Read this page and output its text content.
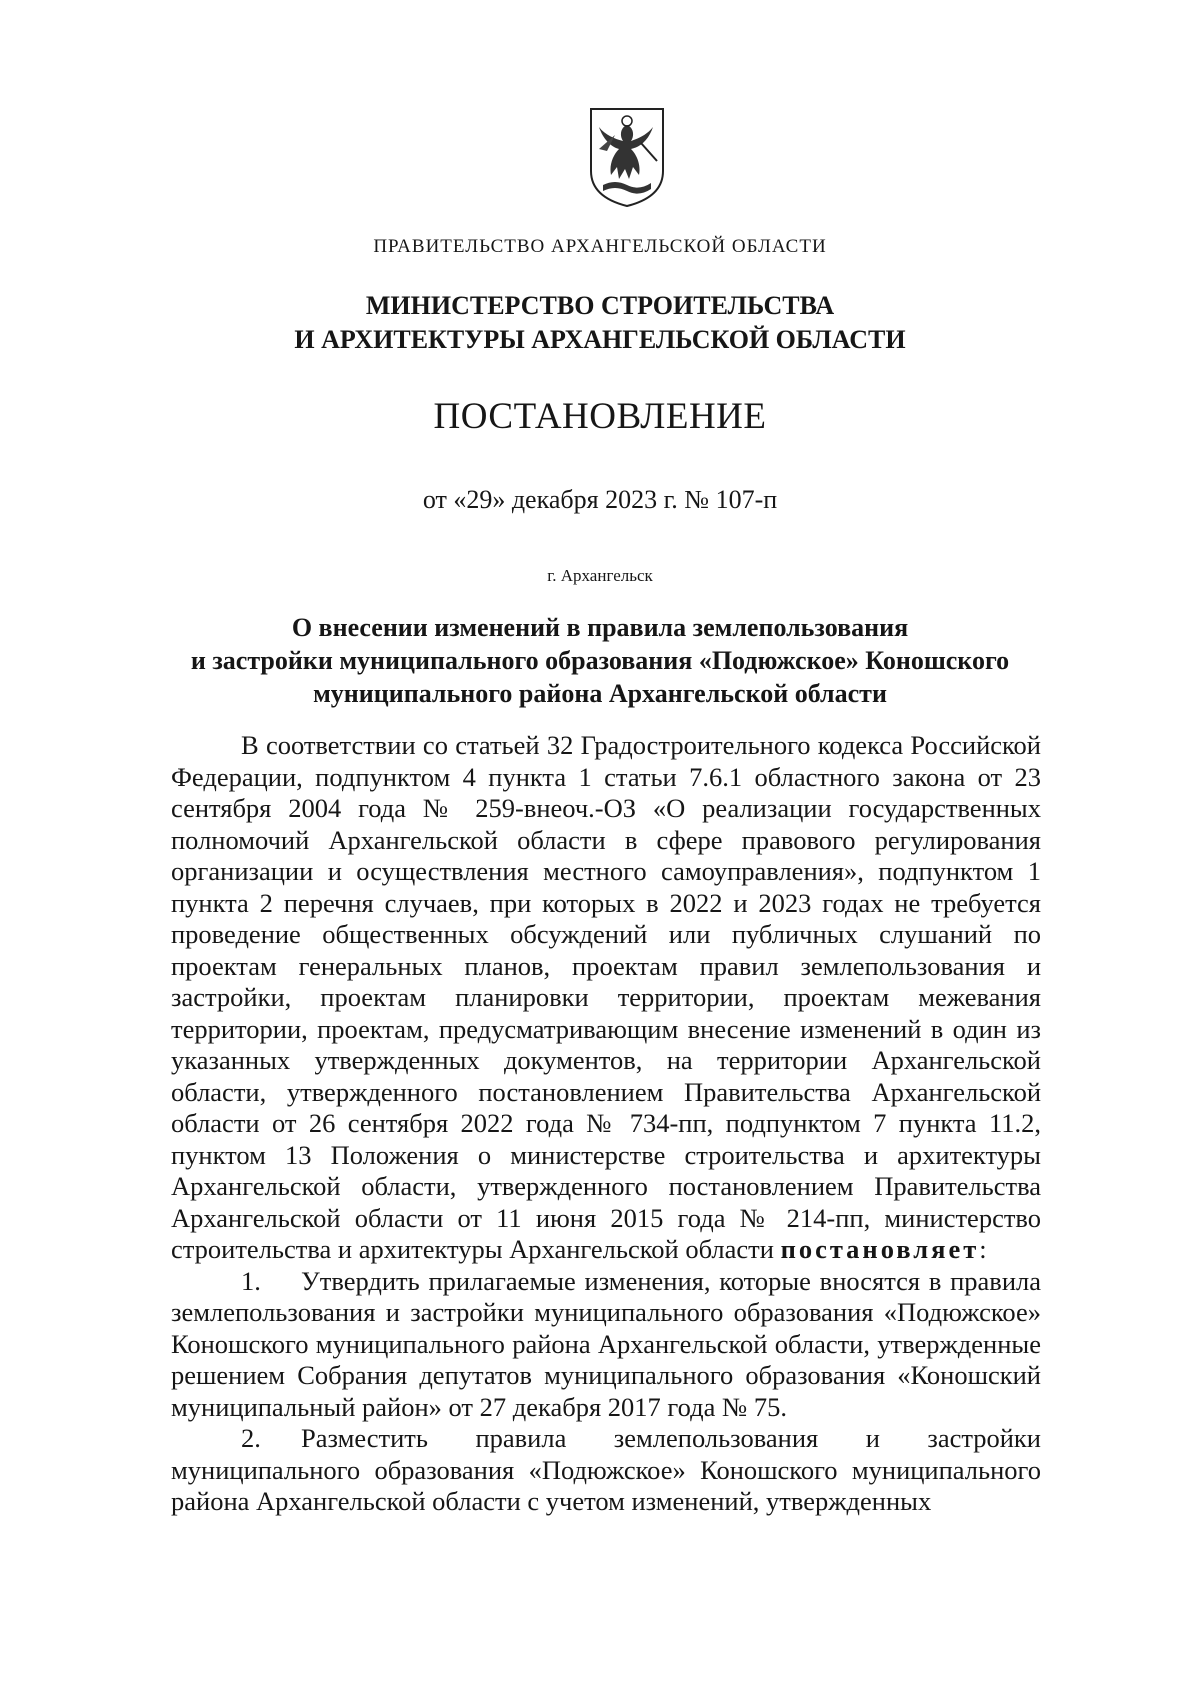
ПРАВИТЕЛЬСТВО АРХАНГЕЛЬСКОЙ ОБЛАСТИ
МИНИСТЕРСТВО СТРОИТЕЛЬСТВА
И АРХИТЕКТУРЫ АРХАНГЕЛЬСКОЙ ОБЛАСТИ
ПОСТАНОВЛЕНИЕ
от «29» декабря 2023 г. № 107-п
г. Архангельск
О внесении изменений в правила землепользования
и застройки муниципального образования «Подюжское» Коношского
муниципального района Архангельской области

В соответствии со статьей 32 Градостроительного кодекса Российской Федерации, подпунктом 4 пункта 1 статьи 7.6.1 областного закона от 23 сентября 2004 года № 259-внеоч.-ОЗ «О реализации государственных полномочий Архангельской области в сфере правового регулирования организации и осуществления местного самоуправления», подпунктом 1 пункта 2 перечня случаев, при которых в 2022 и 2023 годах не требуется проведение общественных обсуждений или публичных слушаний по проектам генеральных планов, проектам правил землепользования и застройки, проектам планировки территории, проектам межевания территории, проектам, предусматривающим внесение изменений в один из указанных утвержденных документов, на территории Архангельской области, утвержденного постановлением Правительства Архангельской области от 26 сентября 2022 года № 734-пп, подпунктом 7 пункта 11.2, пунктом 13 Положения о министерстве строительства и архитектуры Архангельской области, утвержденного постановлением Правительства Архангельской области от 11 июня 2015 года № 214-пп, министерство строительства и архитектуры Архангельской области постановляет:

1. Утвердить прилагаемые изменения, которые вносятся в правила землепользования и застройки муниципального образования «Подюжское» Коношского муниципального района Архангельской области, утвержденные решением Собрания депутатов муниципального образования «Коношский муниципальный район» от 27 декабря 2017 года № 75.

2. Разместить правила землепользования и застройки муниципального образования «Подюжское» Коношского муниципального района Архангельской области с учетом изменений, утвержденных
